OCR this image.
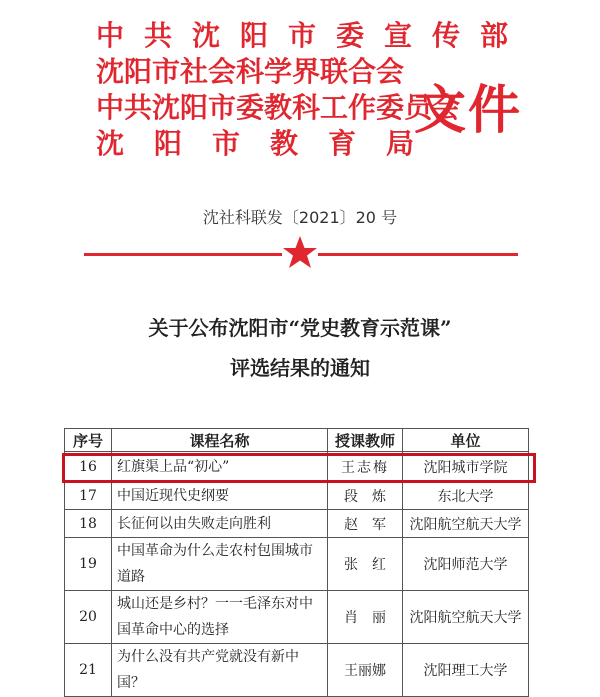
中共沈阳市委宣传部
沈阳市社会科学界联合会
中共沈阳市委教科工作委员会
沈阳市教育局
文件
沈社科联发〔2021〕20 号
关于公布沈阳市“党史教育示范课”
评选结果的通知
序号	课程名称	授课教师	单位
16	红旗渠上品“初心”	王志梅	沈阳城市学院
17	中国近现代史纲要	段　炼	东北大学
18	长征何以由失败走向胜利	赵　军	沈阳航空航天大学
19	中国革命为什么走农村包围城市道路	张　红	沈阳师范大学
20	城山还是乡村？一一毛泽东对中国革命中心的选择	肖　丽	沈阳航空航天大学
21	为什么没有共产党就没有新中国？	王丽娜	沈阳理工大学
